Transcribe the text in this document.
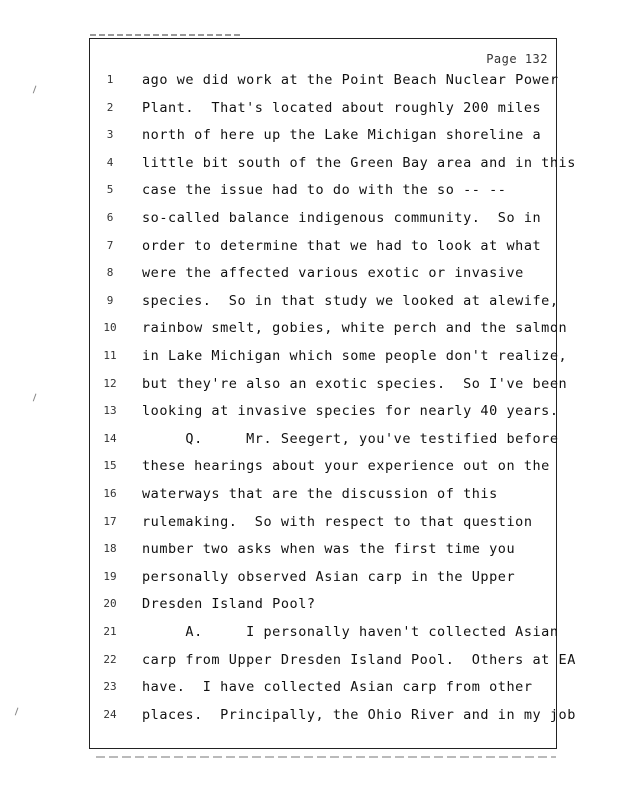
Page 132
1	ago we did work at the Point Beach Nuclear Power
2	Plant.  That's located about roughly 200 miles
3	north of here up the Lake Michigan shoreline a
4	little bit south of the Green Bay area and in this
5	case the issue had to do with the so -- --
6	so-called balance indigenous community.  So in
7	order to determine that we had to look at what
8	were the affected various exotic or invasive
9	species.  So in that study we looked at alewife,
10	rainbow smelt, gobies, white perch and the salmon
11	in Lake Michigan which some people don't realize,
12	but they're also an exotic species.  So I've been
13	looking at invasive species for nearly 40 years.
14	Q.     Mr. Seegert, you've testified before
15	these hearings about your experience out on the
16	waterways that are the discussion of this
17	rulemaking.  So with respect to that question
18	number two asks when was the first time you
19	personally observed Asian carp in the Upper
20	Dresden Island Pool?
21	A.     I personally haven't collected Asian
22	carp from Upper Dresden Island Pool.  Others at EA
23	have.  I have collected Asian carp from other
24	places.  Principally, the Ohio River and in my job
